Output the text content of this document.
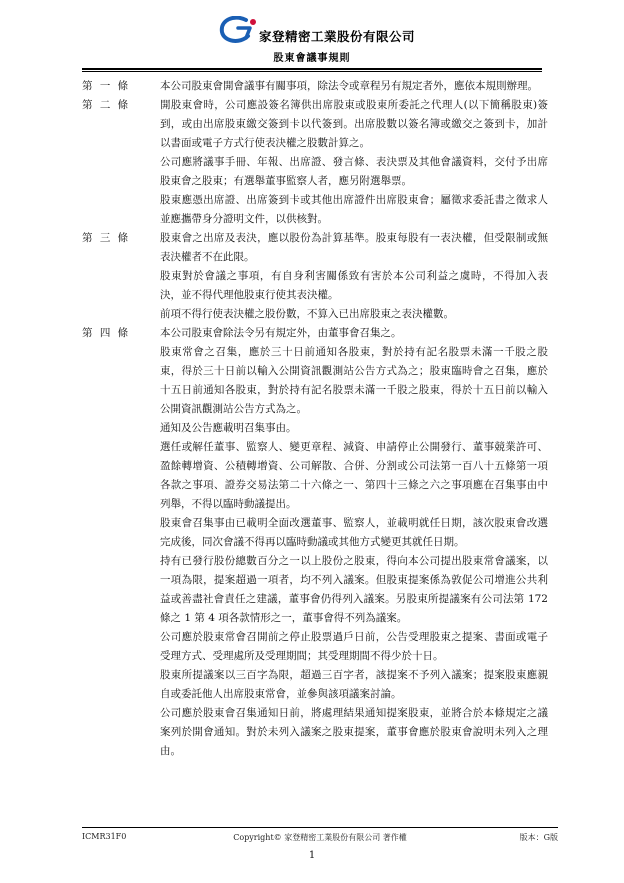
家登精密工業股份有限公司
股東會議事規則
第 一 條	本公司股東會開會議事有關事項，除法令或章程另有規定者外，應依本規則辦理。

第 二 條	開股東會時，公司應設簽名簿供出席股東或股東所委託之代理人(以下簡稱股東)簽到，或由出席股東繳交簽到卡以代簽到。出席股數以簽名簿或繳交之簽到卡，加計以書面或電子方式行使表決權之股數計算之。

公司應將議事手冊、年報、出席證、發言條、表決票及其他會議資料，交付予出席股東會之股東；有選舉董事監察人者，應另附選舉票。

股東應憑出席證、出席簽到卡或其他出席證件出席股東會；屬徵求委託書之徵求人並應攜帶身分證明文件，以供核對。

第 三 條	股東會之出席及表決，應以股份為計算基準。股東每股有一表決權，但受限制或無表決權者不在此限。

股東對於會議之事項，有自身利害關係致有害於本公司利益之虞時，不得加入表決，並不得代理他股東行使其表決權。

前項不得行使表決權之股份數，不算入已出席股東之表決權數。

第 四 條	本公司股東會除法令另有規定外，由董事會召集之。

股東常會之召集，應於三十日前通知各股東，對於持有記名股票未滿一千股之股東，得於三十日前以輸入公開資訊觀測站公告方式為之；股東臨時會之召集，應於十五日前通知各股東，對於持有記名股票未滿一千股之股東，得於十五日前以輸入公開資訊觀測站公告方式為之。

通知及公告應載明召集事由。

選任或解任董事、監察人、變更章程、減資、申請停止公開發行、董事競業許可、盈餘轉增資、公積轉增資、公司解散、合併、分割或公司法第一百八十五條第一項各款之事項、證券交易法第二十六條之一、第四十三條之六之事項應在召集事由中列舉，不得以臨時動議提出。

股東會召集事由已載明全面改選董事、監察人，並載明就任日期，該次股東會改選完成後，同次會議不得再以臨時動議或其他方式變更其就任日期。

持有已發行股份總數百分之一以上股份之股東，得向本公司提出股東常會議案，以一項為限，提案超過一項者，均不列入議案。但股東提案係為敦促公司增進公共利益或善盡社會責任之建議，董事會仍得列入議案。另股東所提議案有公司法第 172 條之 1 第 4 項各款情形之一，董事會得不列為議案。

公司應於股東常會召開前之停止股票過戶日前，公告受理股東之提案、書面或電子受理方式、受理處所及受理期間；其受理期間不得少於十日。

股東所提議案以三百字為限，超過三百字者，該提案不予列入議案；提案股東應親自或委託他人出席股東常會，並參與該項議案討論。

公司應於股東會召集通知日前，將處理結果通知提案股東，並將合於本條規定之議案列於開會通知。對於未列入議案之股東提案，董事會應於股東會說明未列入之理由。

ICMR31F0	Copyright© 家登精密工業股份有限公司 著作權	版本：G版
1
